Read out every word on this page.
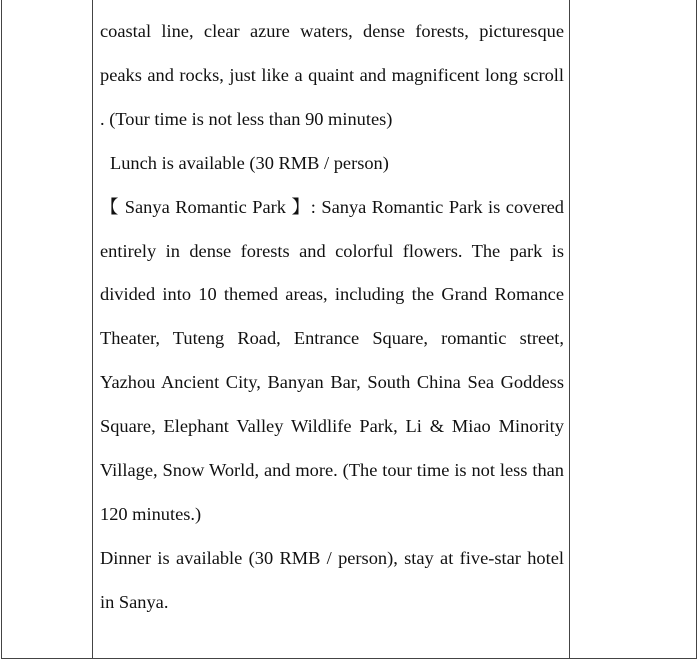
coastal line, clear azure waters, dense forests, picturesque peaks and rocks, just like a quaint and magnificent long scroll . (Tour time is not less than 90 minutes)

Lunch is available (30 RMB / person)

【 Sanya Romantic Park 】: Sanya Romantic Park is covered entirely in dense forests and colorful flowers. The park is divided into 10 themed areas, including the Grand Romance Theater, Tuteng Road, Entrance Square, romantic street, Yazhou Ancient City, Banyan Bar, South China Sea Goddess Square, Elephant Valley Wildlife Park, Li & Miao Minority Village, Snow World, and more. (The tour time is not less than 120 minutes.)

Dinner is available (30 RMB / person), stay at five-star hotel in Sanya.
